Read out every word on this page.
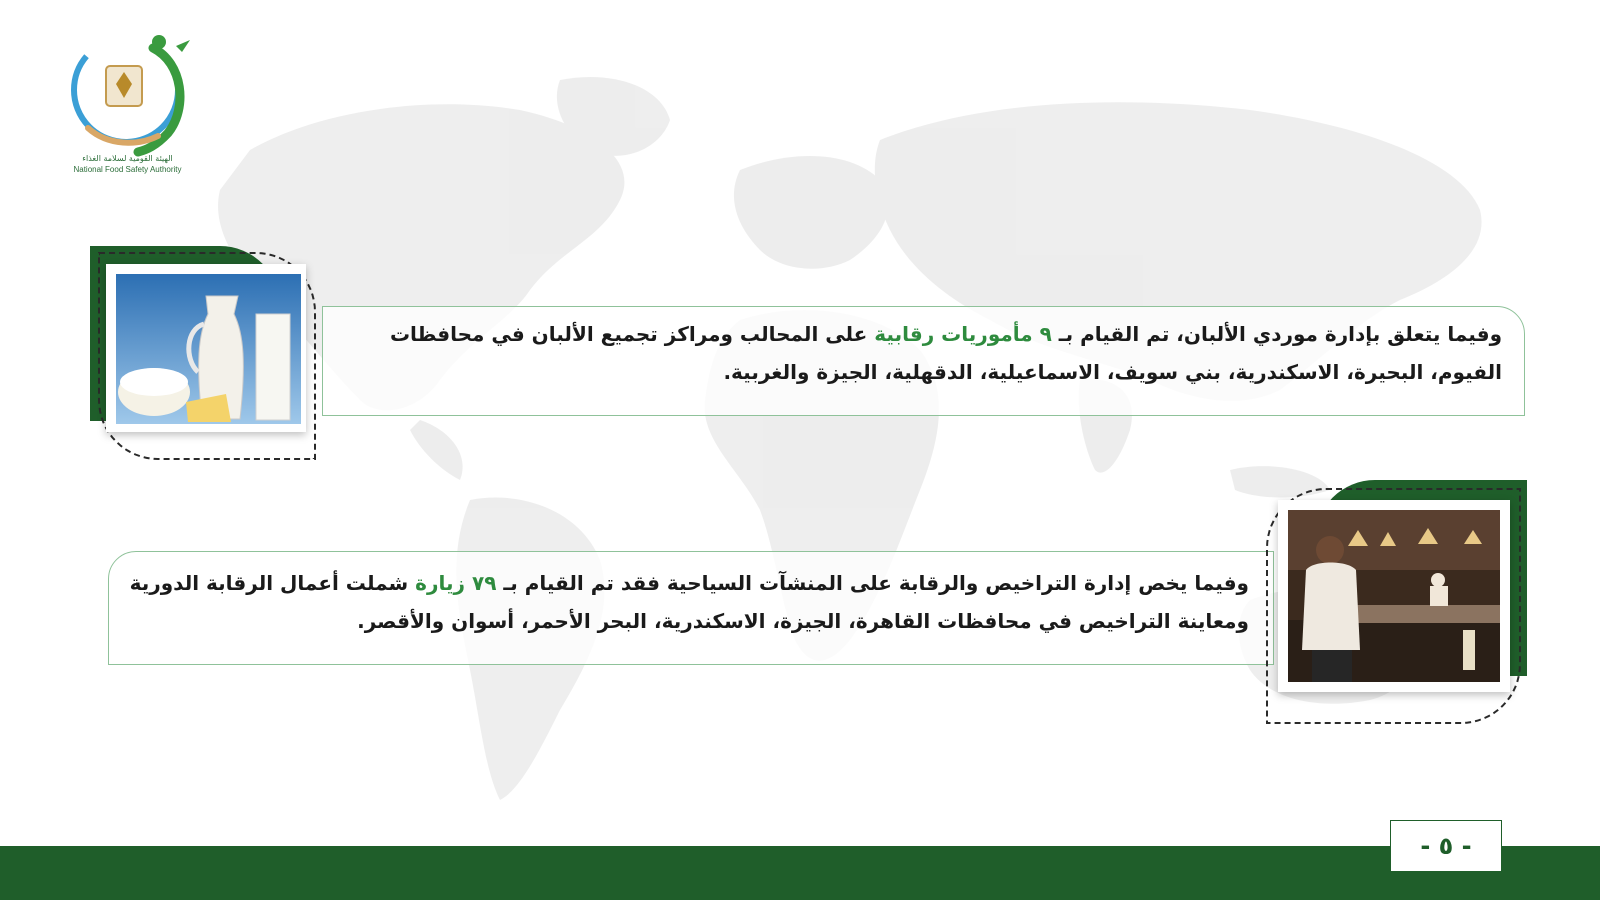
NFSA
الهيئة القومية لسلامة الغذاء
National Food Safety Authority
وفيما يتعلق بإدارة موردي الألبان، تم القيام بـ ٩ مأموريات رقابية على المحالب ومراكز تجميع الألبان في محافظات الفيوم، البحيرة، الاسكندرية، بني سويف، الاسماعيلية، الدقهلية، الجيزة والغربية.
وفيما يخص إدارة التراخيص والرقابة على المنشآت السياحية فقد تم القيام بـ ٧٩ زيارة شملت أعمال الرقابة الدورية ومعاينة التراخيص في محافظات القاهرة، الجيزة، الاسكندرية، البحر الأحمر، أسوان والأقصر.
- ٥ -
